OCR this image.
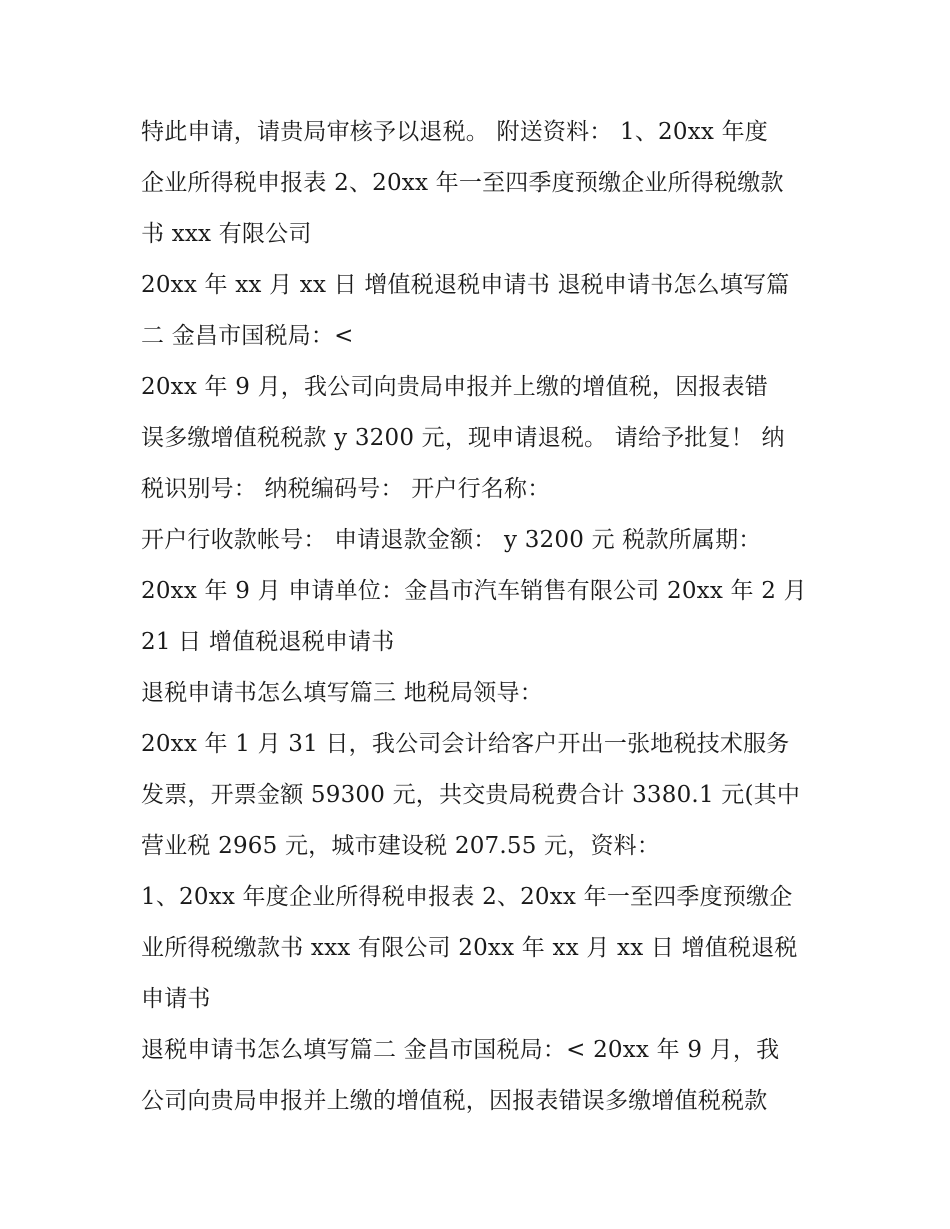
特此申请，请贵局审核予以退税。 附送资料： 1、20xx 年度
企业所得税申报表 2、20xx 年一至四季度预缴企业所得税缴款
书 xxx 有限公司
20xx 年 xx 月 xx 日 增值税退税申请书 退税申请书怎么填写篇
二 金昌市国税局：<
20xx 年 9 月，我公司向贵局申报并上缴的增值税，因报表错
误多缴增值税税款 y 3200 元，现申请退税。 请给予批复！ 纳
税识别号： 纳税编码号： 开户行名称：
开户行收款帐号： 申请退款金额： y 3200 元 税款所属期：
20xx 年 9 月 申请单位：金昌市汽车销售有限公司 20xx 年 2 月
21 日 增值税退税申请书
退税申请书怎么填写篇三 地税局领导：
20xx 年 1 月 31 日，我公司会计给客户开出一张地税技术服务
发票，开票金额 59300 元，共交贵局税费合计 3380.1 元(其中
营业税 2965 元，城市建设税 207.55 元，资料：
1、20xx 年度企业所得税申报表 2、20xx 年一至四季度预缴企
业所得税缴款书 xxx 有限公司 20xx 年 xx 月 xx 日 增值税退税
申请书
退税申请书怎么填写篇二 金昌市国税局：< 20xx 年 9 月，我
公司向贵局申报并上缴的增值税，因报表错误多缴增值税税款
